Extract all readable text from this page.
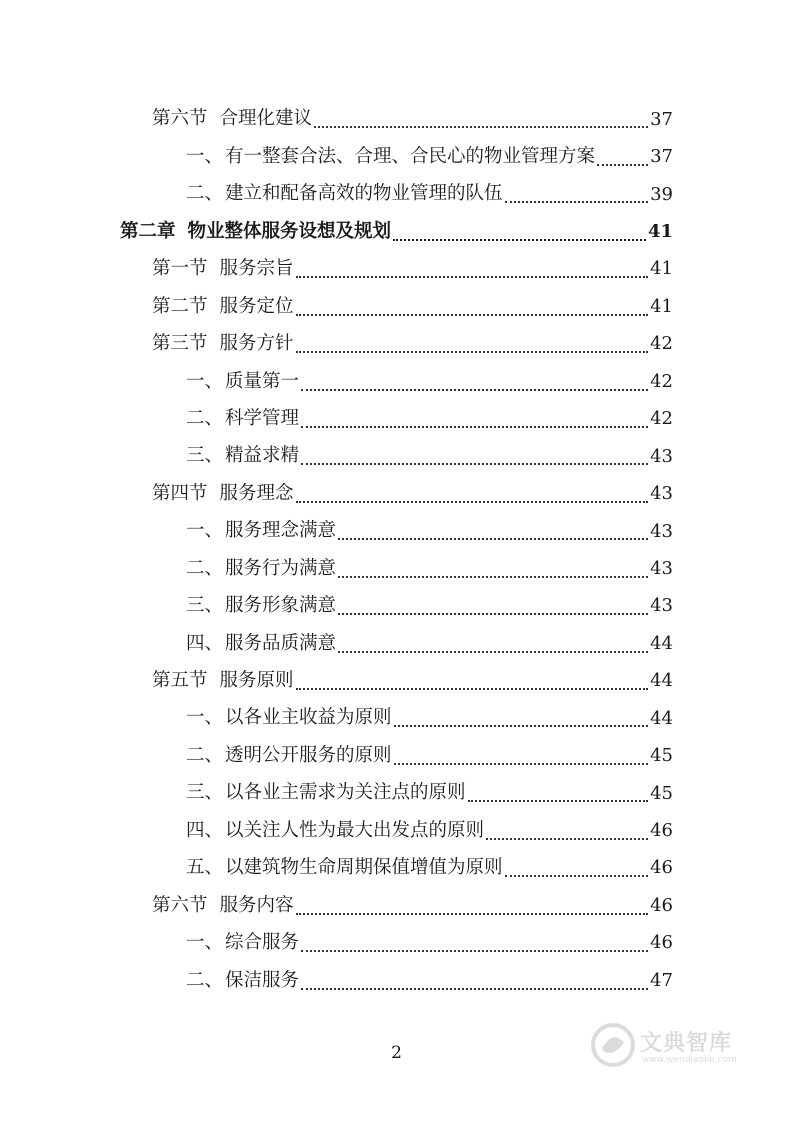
第六节 合理化建议	37
一、 有一整套合法、合理、合民心的物业管理方案	37
二、 建立和配备高效的物业管理的队伍	39
第二章 物业整体服务设想及规划	41
第一节 服务宗旨	41
第二节 服务定位	41
第三节 服务方针	42
一、 质量第一	42
二、 科学管理	42
三、 精益求精	43
第四节 服务理念	43
一、 服务理念满意	43
二、 服务行为满意	43
三、 服务形象满意	43
四、 服务品质满意	44
第五节 服务原则	44
一、 以各业主收益为原则	44
二、 透明公开服务的原则	45
三、 以各业主需求为关注点的原则	45
四、 以关注人性为最大出发点的原则	46
五、 以建筑物生命周期保值增值为原则	46
第六节 服务内容	46
一、 综合服务	46
二、 保洁服务	47
2	文典智库
www.wendiaolib.com
